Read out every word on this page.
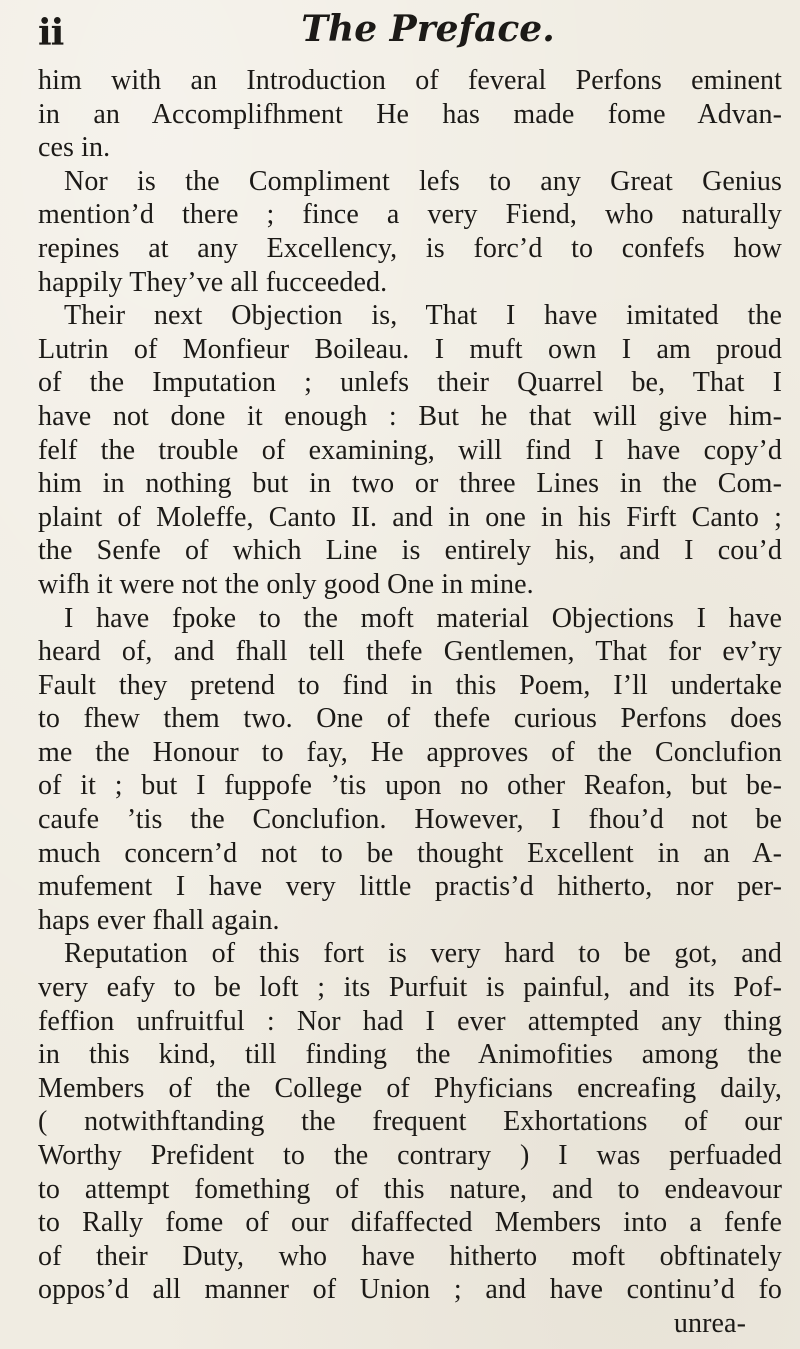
ii	The Preface.
him with an Introduction of feveral Perfons eminent
in an Accomplifhment He has made fome Advan-
ces in.
Nor is the Compliment lefs to any Great Genius
mention’d there ; fince a very Fiend, who naturally
repines at any Excellency, is forc’d to confefs how
happily They’ve all fucceeded.
Their next Objection is, That I have imitated the
Lutrin of Monfieur Boileau. I muft own I am proud
of the Imputation ; unlefs their Quarrel be, That I
have not done it enough : But he that will give him-
felf the trouble of examining, will find I have copy’d
him in nothing but in two or three Lines in the Com-
plaint of Moleffe, Canto II. and in one in his Firft Canto ;
the Senfe of which Line is entirely his, and I cou’d
wifh it were not the only good One in mine.
I have fpoke to the moft material Objections I have
heard of, and fhall tell thefe Gentlemen, That for ev’ry
Fault they pretend to find in this Poem, I’ll undertake
to fhew them two. One of thefe curious Perfons does
me the Honour to fay, He approves of the Conclufion
of it ; but I fuppofe ’tis upon no other Reafon, but be-
caufe ’tis the Conclufion. However, I fhou’d not be
much concern’d not to be thought Excellent in an A-
mufement I have very little practis’d hitherto, nor per-
haps ever fhall again.
Reputation of this fort is very hard to be got, and
very eafy to be loft ; its Purfuit is painful, and its Pof-
feffion unfruitful : Nor had I ever attempted any thing
in this kind, till finding the Animofities among the
Members of the College of Phyficians encreafing daily,
( notwithftanding the frequent Exhortations of our
Worthy Prefident to the contrary ) I was perfuaded
to attempt fomething of this nature, and to endeavour
to Rally fome of our difaffected Members into a fenfe
of their Duty, who have hitherto moft obftinately
oppos’d all manner of Union ; and have continu’d fo
unrea-
